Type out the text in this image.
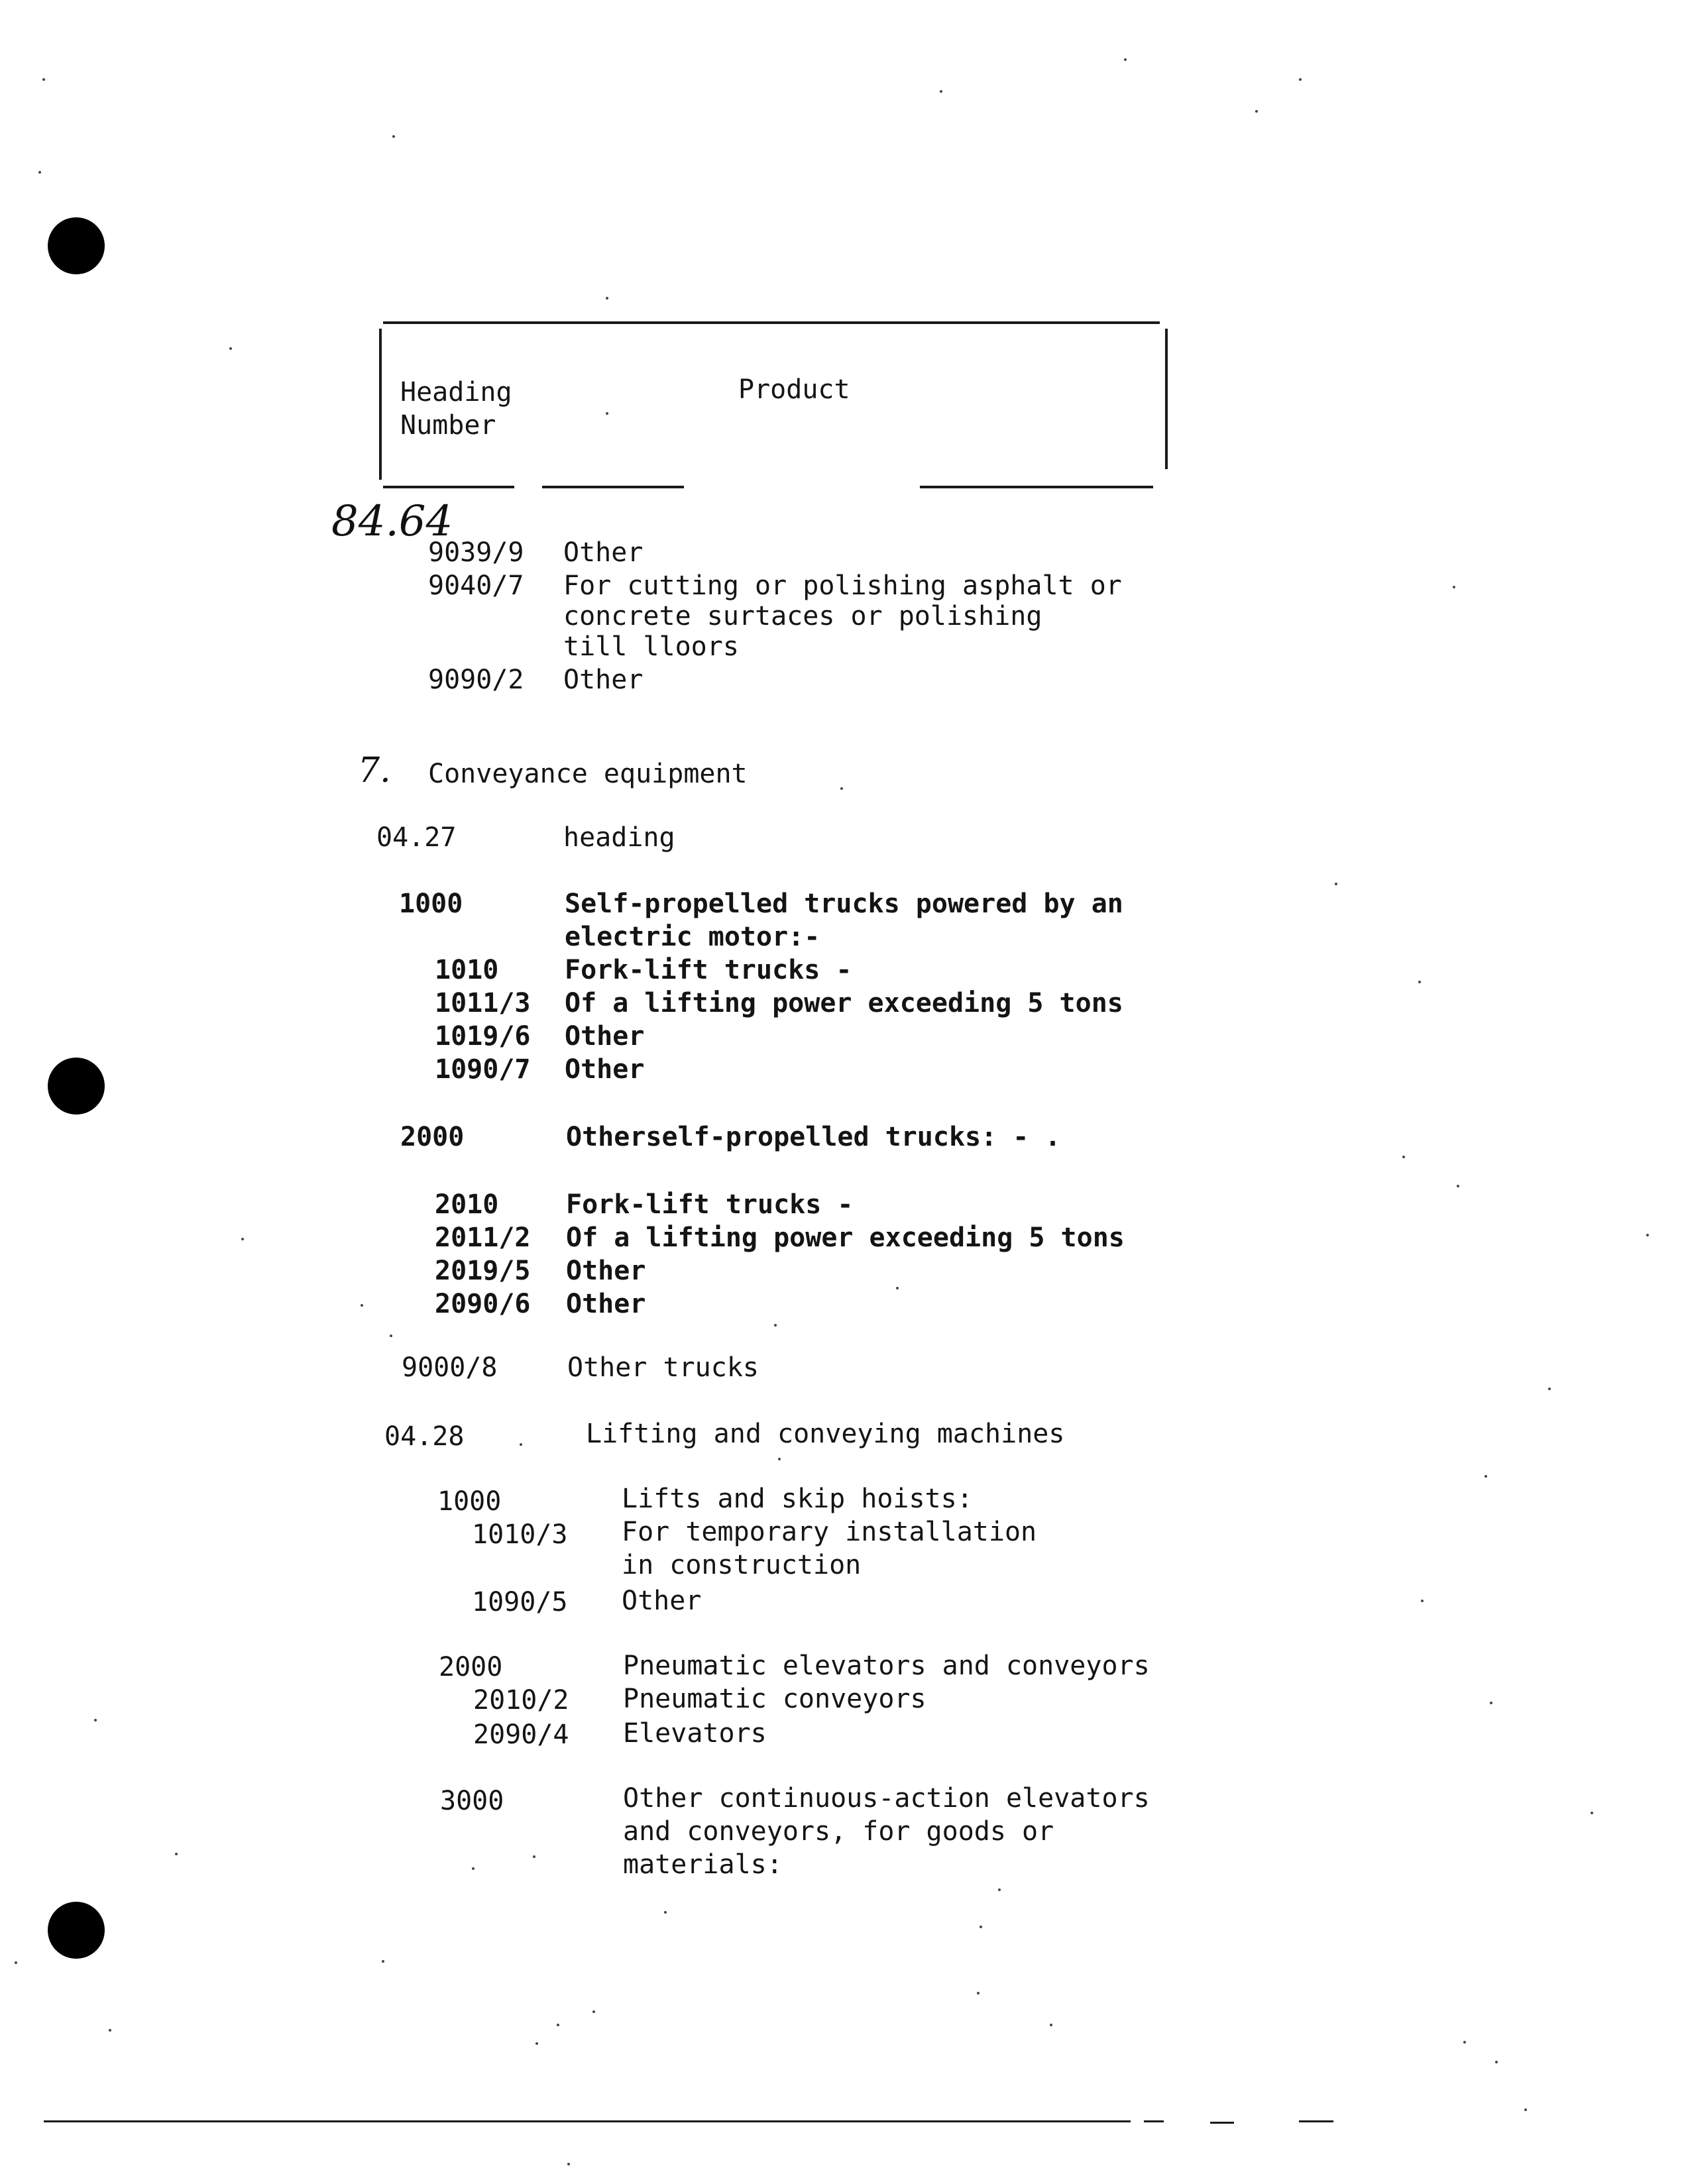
Heading
Number
Product
84.64
9039/9 Other
9040/7 For cutting or polishing asphalt or
concrete surtaces or polishing
till lloors
9090/2 Other
7. Conveyance equipment
04.27	heading
1000	Self-propelled trucks powered by an
electric motor:-
1010 Fork-lift trucks -
1011/3 Of a lifting power exceeding 5 tons
1019/6 Other
1090/7 Other
2000	Otherself-propelled trucks: - .
2010	Fork-lift trucks -
2011/2 Of a lifting power exceeding 5 tons
2019/5 Other
2090/6 Other
9000/8	Other trucks
04.28	Lifting and conveying machines
1000	Lifts and skip hoists:
1010/3 For temporary installation
in construction
1090/5 Other
2000	Pneumatic elevators and conveyors
2010/2 Pneumatic conveyors
2090/4 Elevators
3000	Other continuous-action elevators
and conveyors, for goods or
materials:
